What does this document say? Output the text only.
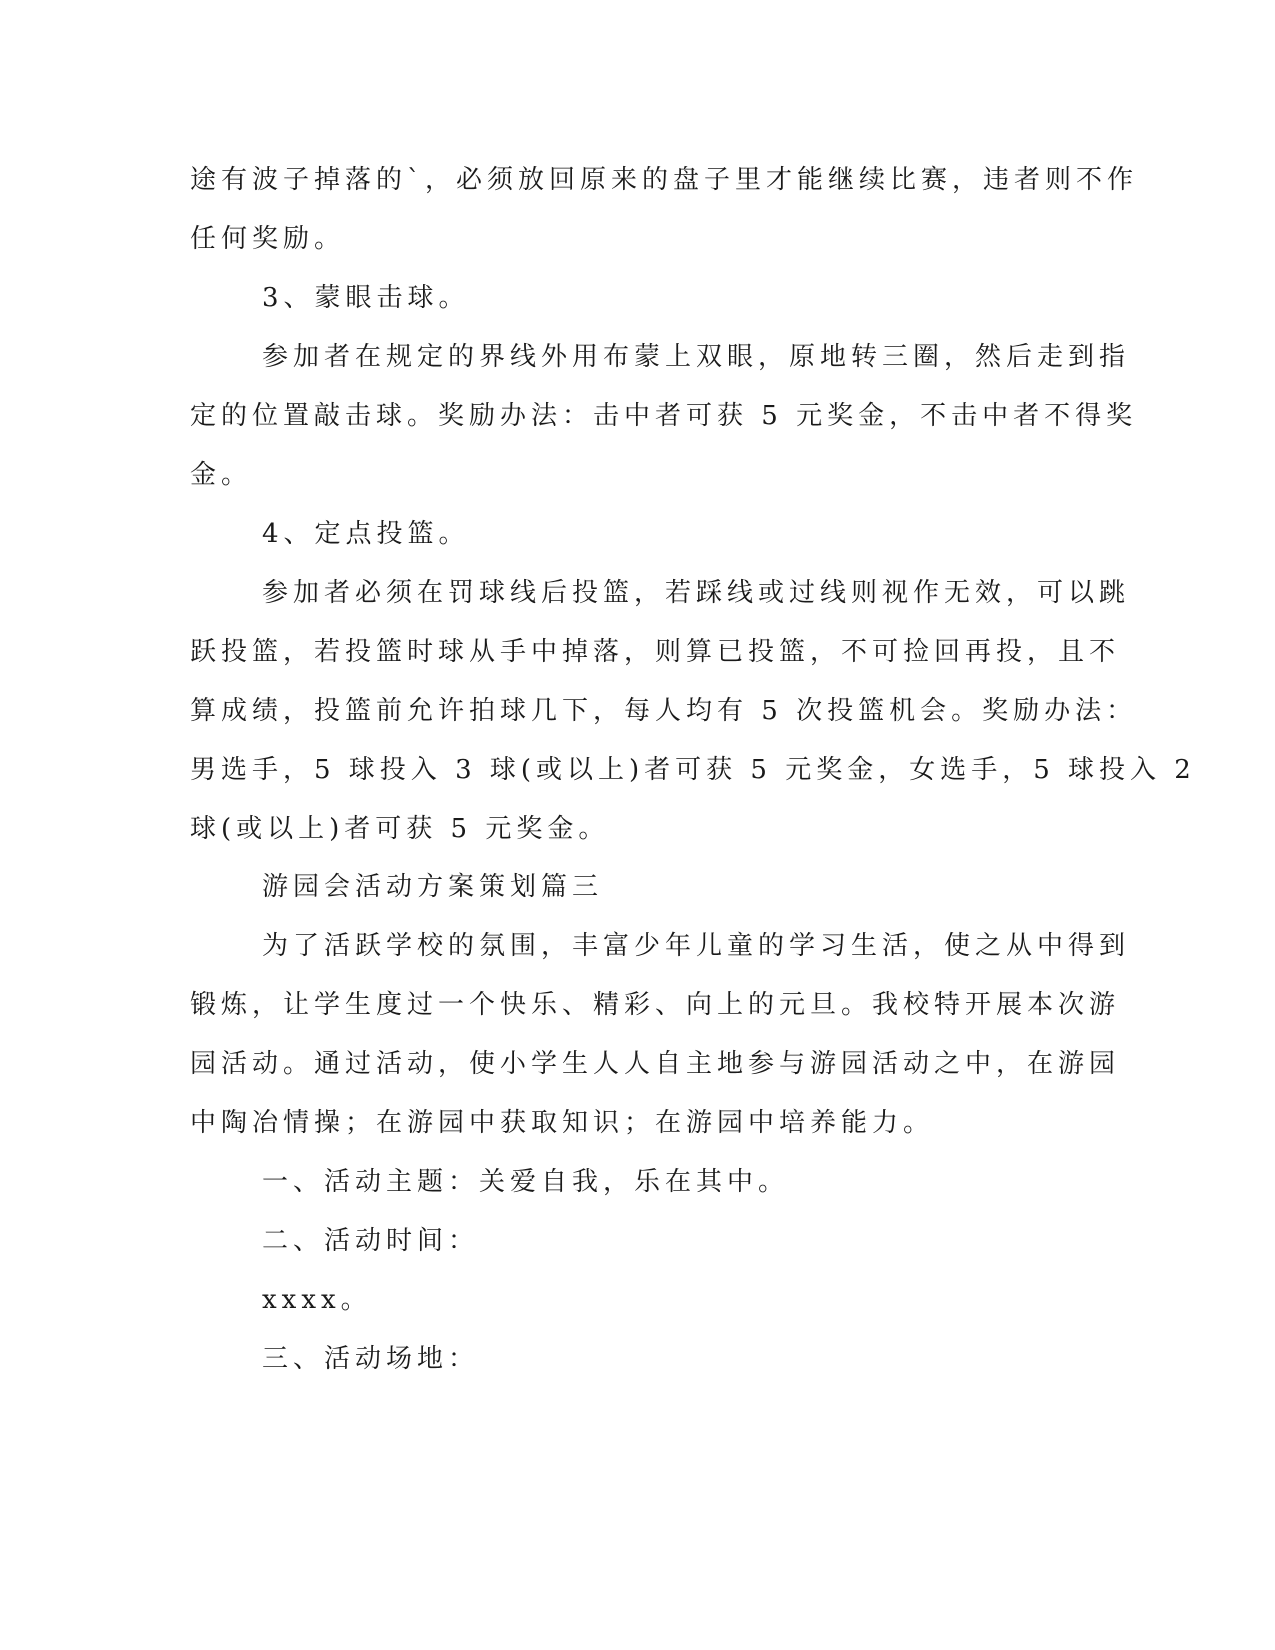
途有波子掉落的`，必须放回原来的盘子里才能继续比赛，违者则不作
任何奖励。
3、蒙眼击球。
参加者在规定的界线外用布蒙上双眼，原地转三圈，然后走到指
定的位置敲击球。奖励办法：击中者可获 5 元奖金，不击中者不得奖
金。
4、定点投篮。
参加者必须在罚球线后投篮，若踩线或过线则视作无效，可以跳
跃投篮，若投篮时球从手中掉落，则算已投篮，不可捡回再投，且不
算成绩，投篮前允许拍球几下，每人均有 5 次投篮机会。奖励办法：
男选手，5 球投入 3 球(或以上)者可获 5 元奖金，女选手，5 球投入 2
球(或以上)者可获 5 元奖金。
游园会活动方案策划篇三
为了活跃学校的氛围，丰富少年儿童的学习生活，使之从中得到
锻炼，让学生度过一个快乐、精彩、向上的元旦。我校特开展本次游
园活动。通过活动，使小学生人人自主地参与游园活动之中，在游园
中陶冶情操；在游园中获取知识；在游园中培养能力。
一、活动主题：关爱自我，乐在其中。
二、活动时间：
xxxx。
三、活动场地：
